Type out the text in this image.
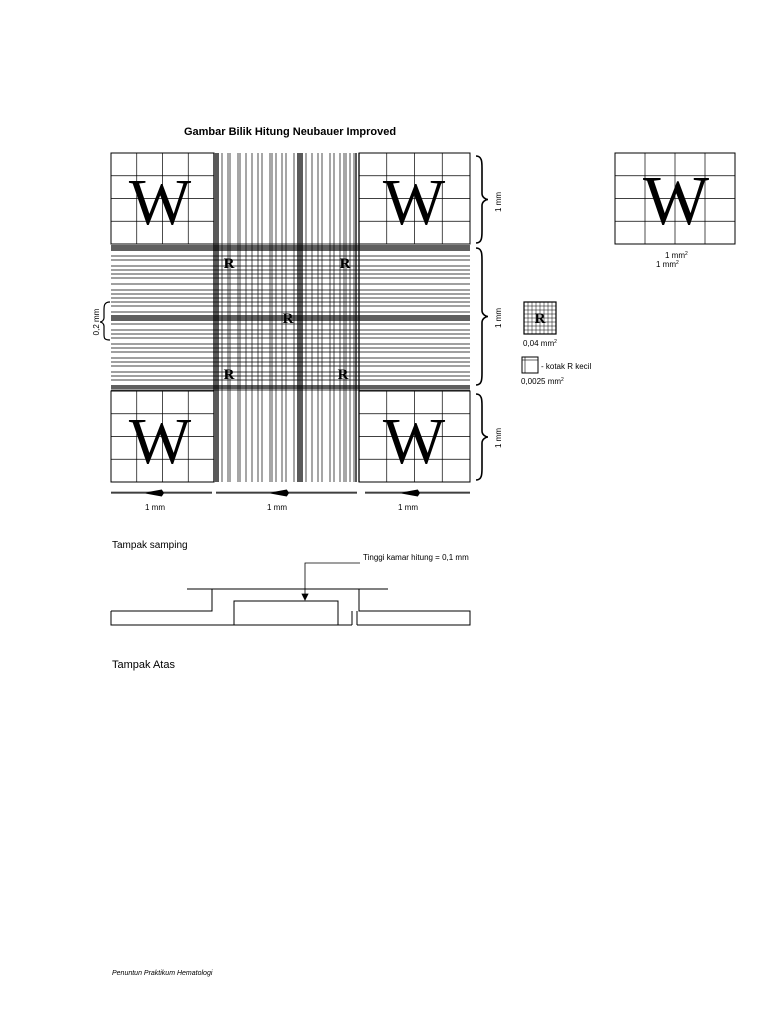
Gambar Bilik Hitung Neubauer Improved
W	W
W	W
W
R	R
R
R	R
R
1 mm
1 mm
1 mm
0,2 mm
1 mm	1 mm	1 mm
1 $mm^2$
1 $mm^2$
0,04 $mm^2$
- kotak R kecil
0,0025 $mm^2$
Tampak samping
Tinggi kamar hitung = 0,1 mm
Tampak Atas
Penuntun Praktikum Hematologi
